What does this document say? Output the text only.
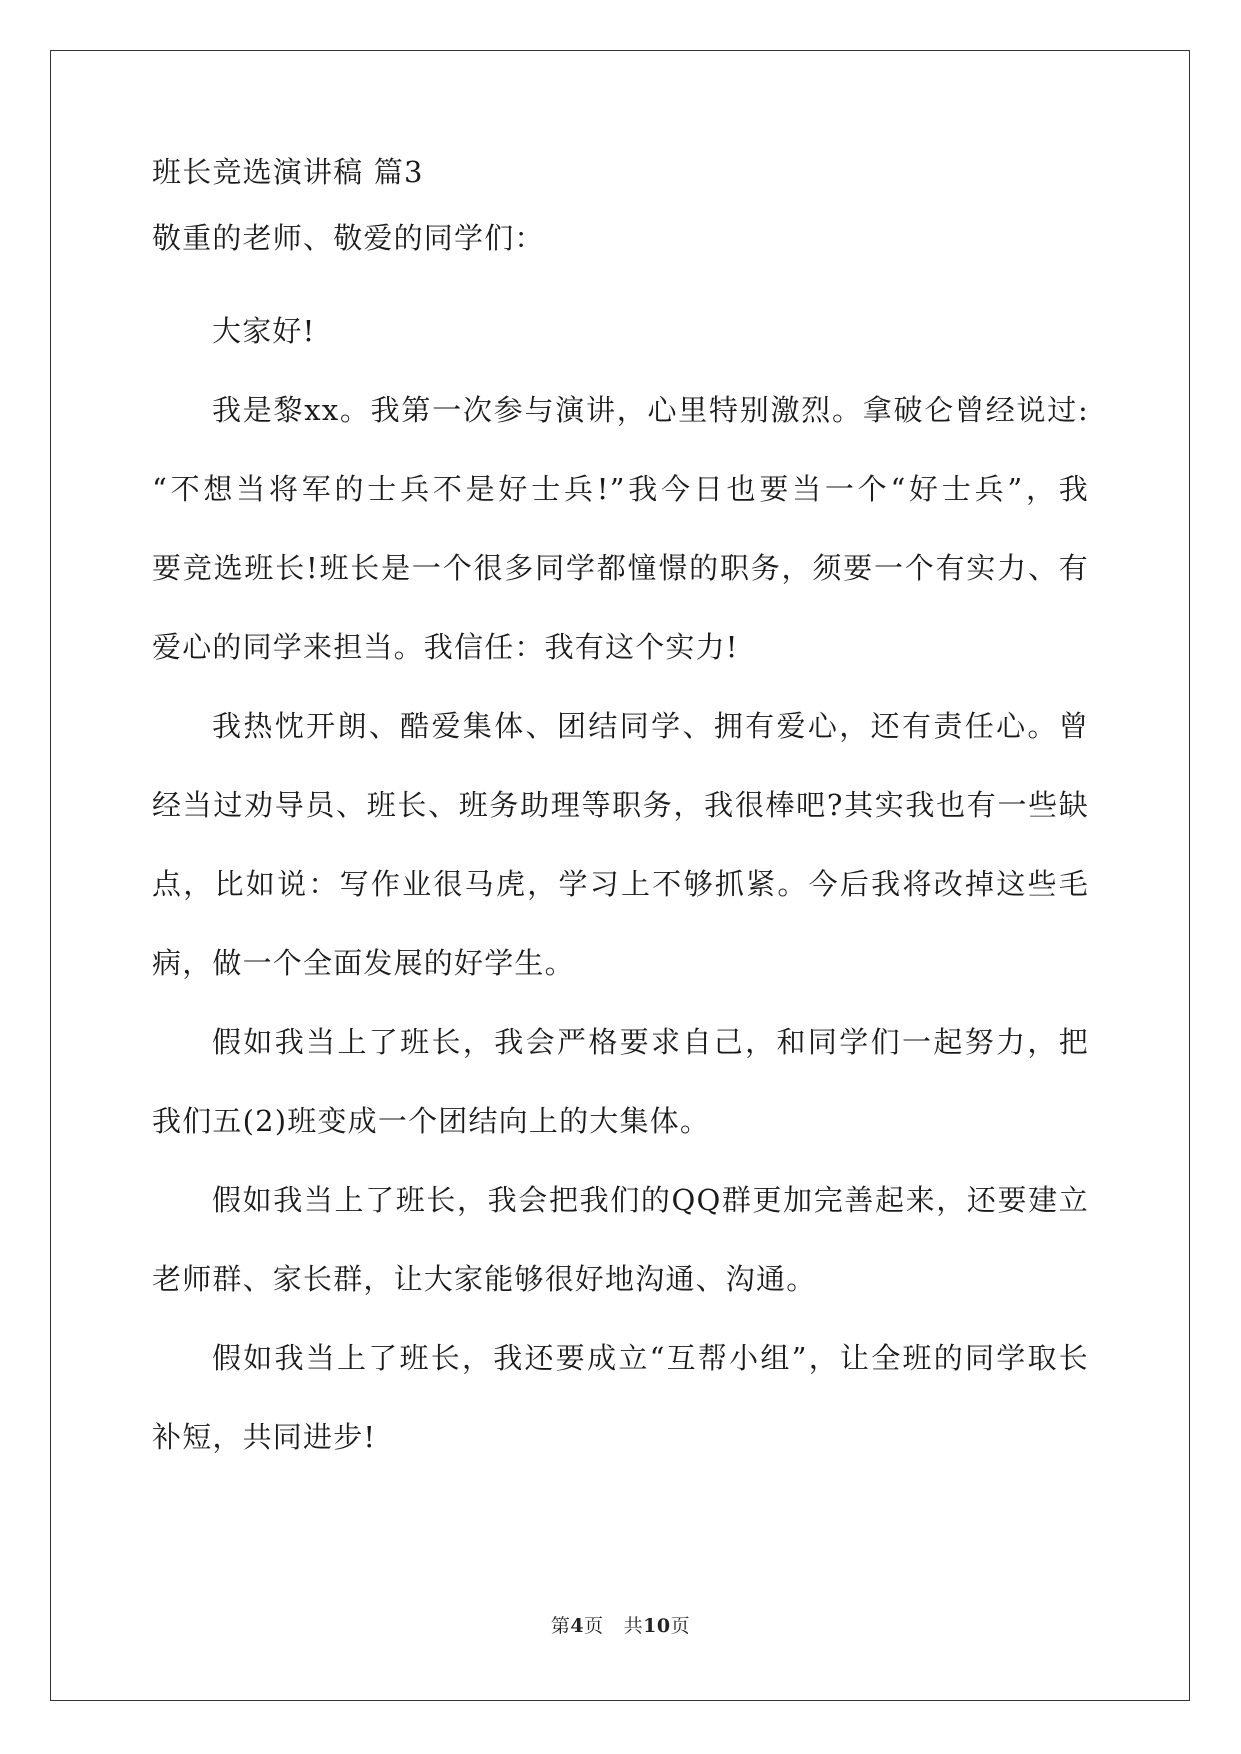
班长竞选演讲稿 篇3
敬重的老师、敬爱的同学们：
大家好!
我是黎xx。我第一次参与演讲，心里特别激烈。拿破仑曾经说过:
“不想当将军的士兵不是好士兵!”我今日也要当一个“好士兵”，我
要竞选班长!班长是一个很多同学都憧憬的职务，须要一个有实力、有
爱心的同学来担当。我信任：我有这个实力!
我热忱开朗、酷爱集体、团结同学、拥有爱心，还有责任心。曾
经当过劝导员、班长、班务助理等职务，我很棒吧?其实我也有一些缺
点，比如说：写作业很马虎，学习上不够抓紧。今后我将改掉这些毛
病，做一个全面发展的好学生。
假如我当上了班长，我会严格要求自己，和同学们一起努力，把
我们五(2)班变成一个团结向上的大集体。
假如我当上了班长，我会把我们的QQ群更加完善起来，还要建立
老师群、家长群，让大家能够很好地沟通、沟通。
假如我当上了班长，我还要成立“互帮小组”，让全班的同学取长
补短，共同进步!
第4页 共10页
